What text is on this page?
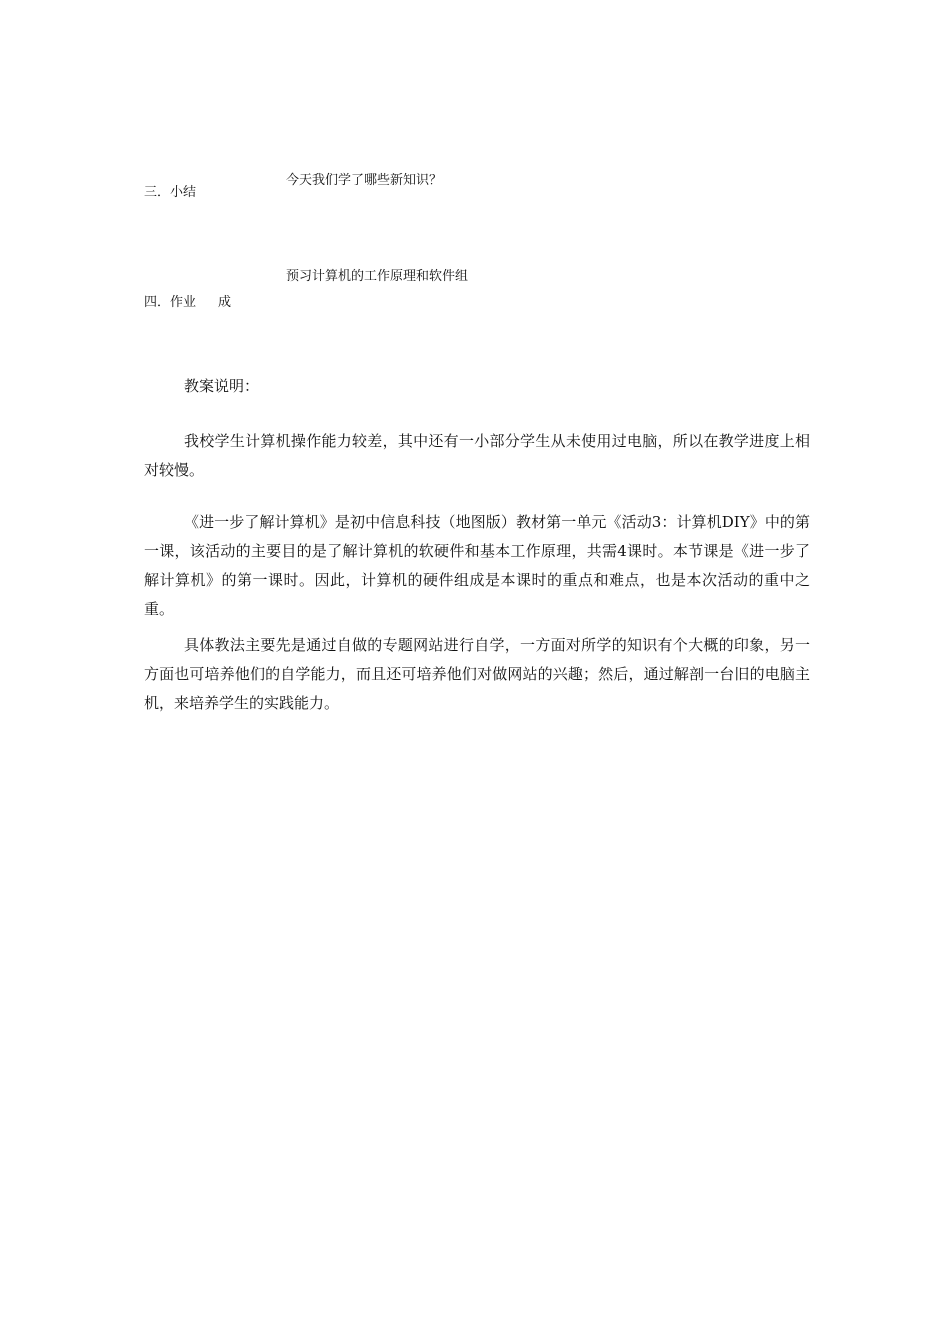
今天我们学了哪些新知识？
三．小结
预习计算机的工作原理和软件组
四．作业 成

教案说明：

我校学生计算机操作能力较差，其中还有一小部分学生从未使用过电脑，所以在教学进度上相对较慢。

《进一步了解计算机》是初中信息科技（地图版）教材第一单元《活动3：计算机DIY》中的第一课，该活动的主要目的是了解计算机的软硬件和基本工作原理，共需4课时。本节课是《进一步了解计算机》的第一课时。因此，计算机的硬件组成是本课时的重点和难点，也是本次活动的重中之重。

具体教法主要先是通过自做的专题网站进行自学，一方面对所学的知识有个大概的印象，另一方面也可培养他们的自学能力，而且还可培养他们对做网站的兴趣；然后，通过解剖一台旧的电脑主机，来培养学生的实践能力。
